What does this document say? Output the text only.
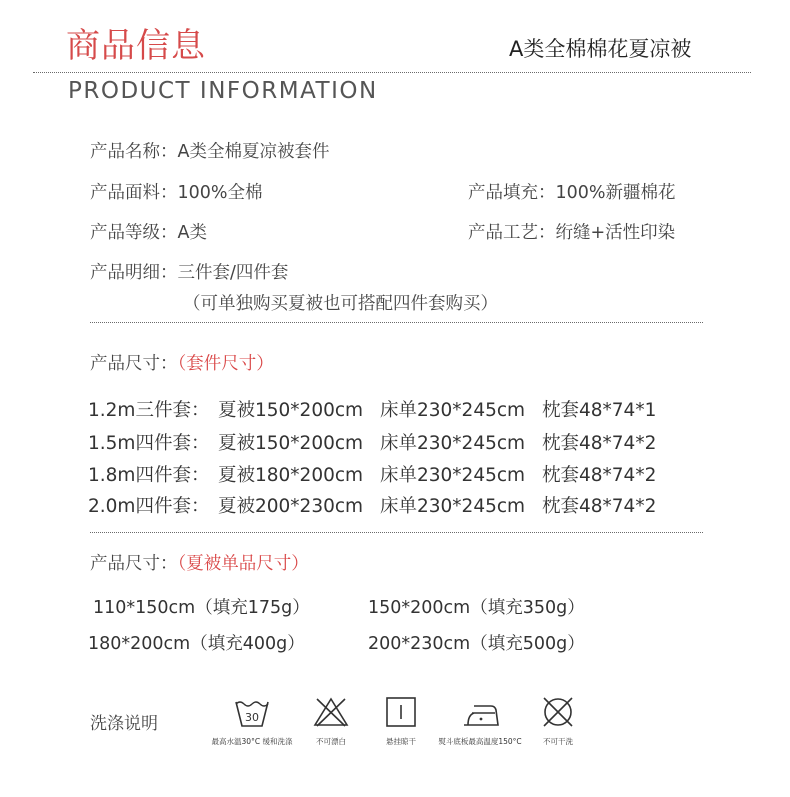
商品信息	A类全棉棉花夏凉被
PRODUCT INFORMATION
产品名称：A类全棉夏凉被套件
产品面料：100%全棉	产品填充：100%新疆棉花
产品等级：A类	产品工艺：绗缝+活性印染
产品明细：三件套/四件套
（可单独购买夏被也可搭配四件套购买）
产品尺寸：（套件尺寸）
1.2m三件套： 夏被150*200cm 床单230*245cm 枕套48*74*1
1.5m四件套： 夏被150*200cm 床单230*245cm 枕套48*74*2
1.8m四件套： 夏被180*200cm 床单230*245cm 枕套48*74*2
2.0m四件套： 夏被200*230cm 床单230*245cm 枕套48*74*2
产品尺寸：（夏被单品尺寸）
110*150cm（填充175g）	150*200cm（填充350g）
180*200cm（填充400g）	200*230cm（填充500g）
洗涤说明	30
最高水温30°C 缓和洗涤	不可漂白	悬挂晾干	熨斗底板最高温度150°C	不可干洗
